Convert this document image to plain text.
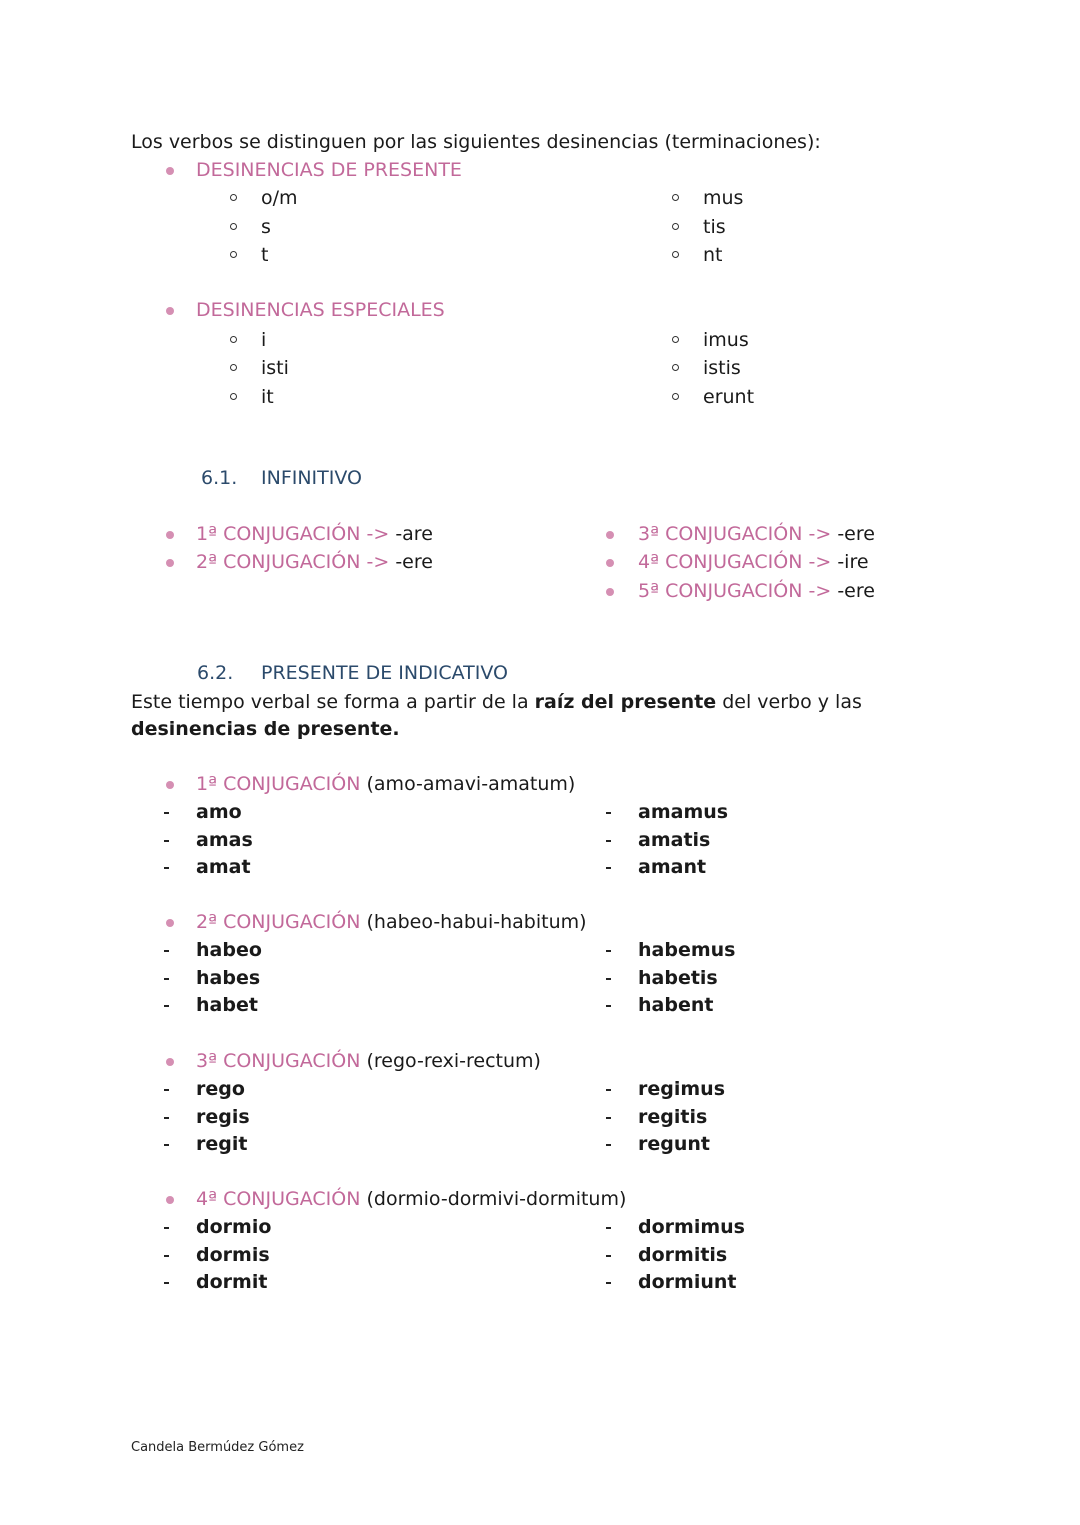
Los verbos se distinguen por las siguientes desinencias (terminaciones):
DESINENCIAS DE PRESENTE
o/m
s
t
mus
tis
nt
DESINENCIAS ESPECIALES
i
isti
it
imus
istis
erunt
6.1. INFINITIVO
1ª CONJUGACIÓN -> -are
2ª CONJUGACIÓN -> -ere
3ª CONJUGACIÓN -> -ere
4ª CONJUGACIÓN -> -ire
5ª CONJUGACIÓN -> -ere
6.2. PRESENTE DE INDICATIVO
Este tiempo verbal se forma a partir de la raíz del presente del verbo y las desinencias de presente.
1ª CONJUGACIÓN (amo-amavi-amatum)
amo	amamus
amas	amatis
amat	amant
2ª CONJUGACIÓN (habeo-habui-habitum)
habeo	habemus
habes	habetis
habet	habent
3ª CONJUGACIÓN (rego-rexi-rectum)
rego	regimus
regis	regitis
regit	regunt
4ª CONJUGACIÓN (dormio-dormivi-dormitum)
dormio	dormimus
dormis	dormitis
dormit	dormiunt
Candela Bermúdez Gómez
